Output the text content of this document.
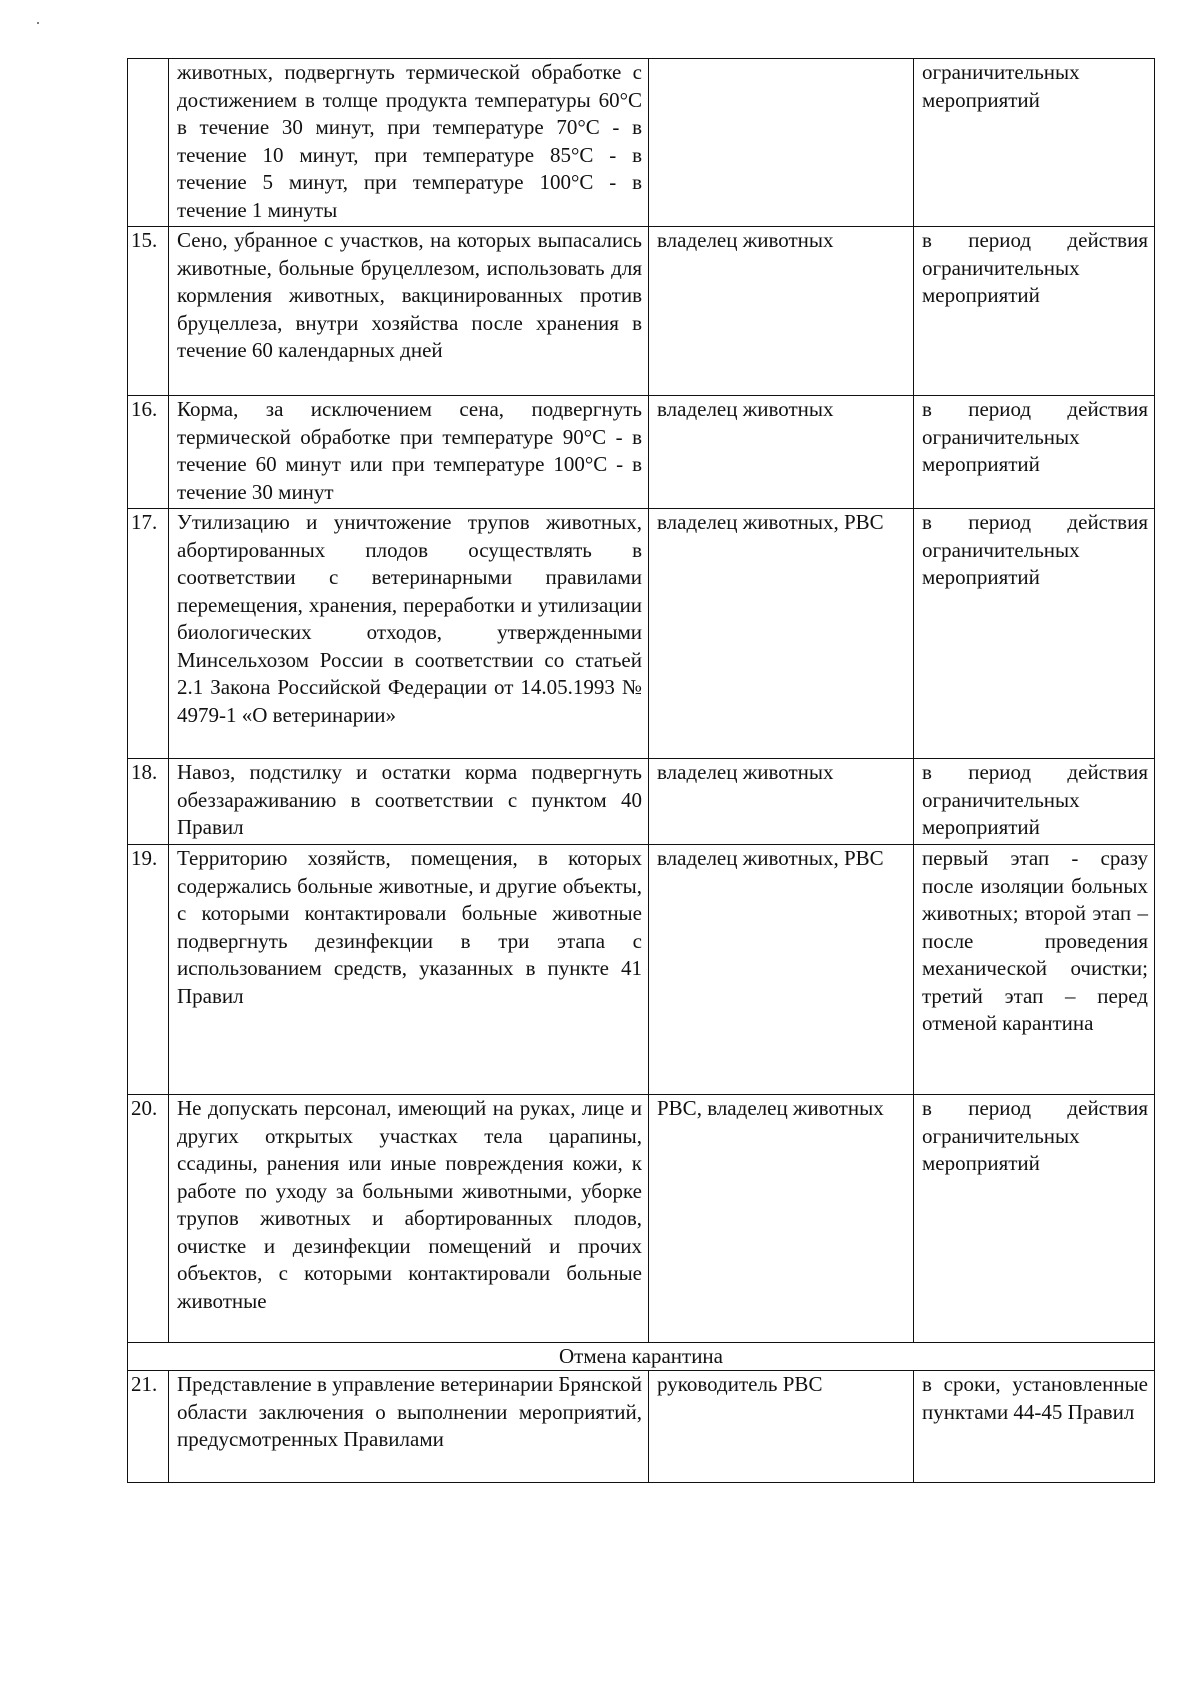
	животных, подвергнуть термической обработке с достижением в толще продукта температуры 60°С в течение 30 минут, при температуре 70°С - в течение 10 минут, при температуре 85°С - в течение 5 минут, при температуре 100°С - в течение 1 минуты		ограничительных мероприятий
15.	Сено, убранное с участков, на которых выпасались животные, больные бруцеллезом, использовать для кормления животных, вакцинированных против бруцеллеза, внутри хозяйства после хранения в течение 60 календарных дней	владелец животных	в период действия ограничительных мероприятий
16.	Корма, за исключением сена, подвергнуть термической обработке при температуре 90°С - в течение 60 минут или при температуре 100°С - в течение 30 минут	владелец животных	в период действия ограничительных мероприятий
17.	Утилизацию и уничтожение трупов животных, абортированных плодов осуществлять в соответствии с ветеринарными правилами перемещения, хранения, переработки и утилизации биологических отходов, утвержденными Минсельхозом России в соответствии со статьей 2.1 Закона Российской Федерации от 14.05.1993 № 4979-1 «О ветеринарии»	владелец животных, РВС	в период действия ограничительных мероприятий
18.	Навоз, подстилку и остатки корма подвергнуть обеззараживанию в соответствии с пунктом 40 Правил	владелец животных	в период действия ограничительных мероприятий
19.	Территорию хозяйств, помещения, в которых содержались больные животные, и другие объекты, с которыми контактировали больные животные подвергнуть дезинфекции в три этапа с использованием средств, указанных в пункте 41 Правил	владелец животных, РВС	первый этап - сразу после изоляции больных животных; второй этап – после проведения механической очистки; третий этап – перед отменой карантина
20.	Не допускать персонал, имеющий на руках, лице и других открытых участках тела царапины, ссадины, ранения или иные повреждения кожи, к работе по уходу за больными животными, уборке трупов животных и абортированных плодов, очистке и дезинфекции помещений и прочих объектов, с которыми контактировали больные животные	РВС, владелец животных	в период действия ограничительных мероприятий
Отмена карантина			
21.	Представление в управление ветеринарии Брянской области заключения о выполнении мероприятий, предусмотренных Правилами	руководитель РВС	в сроки, установленные пунктами 44-45 Правил
